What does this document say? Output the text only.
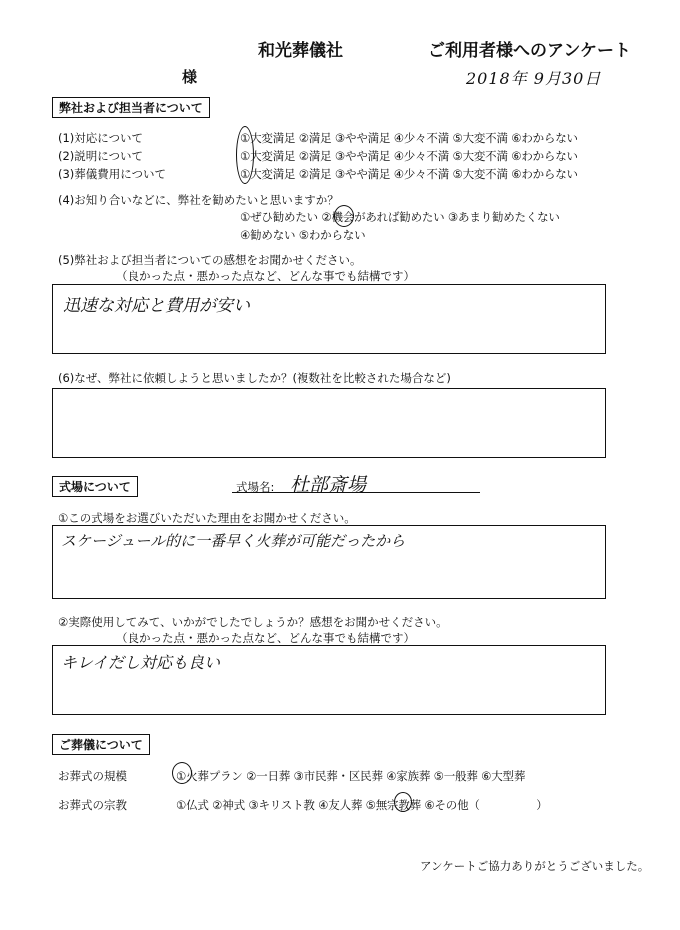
和光葬儀社	ご利用者様へのアンケート
様	2018年 9月30日
弊社および担当者について
(1)対応について	①大変満足 ②満足 ③やや満足 ④少々不満 ⑤大変不満 ⑥わからない
(2)説明について	①大変満足 ②満足 ③やや満足 ④少々不満 ⑤大変不満 ⑥わからない
(3)葬儀費用について	①大変満足 ②満足 ③やや満足 ④少々不満 ⑤大変不満 ⑥わからない
(4)お知り合いなどに、弊社を勧めたいと思いますか？
①ぜひ勧めたい ②機会があれば勧めたい ③あまり勧めたくない
④勧めない ⑤わからない
(5)弊社および担当者についての感想をお聞かせください。
（良かった点・悪かった点など、どんな事でも結構です）
迅速な対応と費用が安い
(6)なぜ、弊社に依頼しようと思いましたか？(複数社を比較された場合など)
式場について	式場名: 杜部斎場
①この式場をお選びいただいた理由をお聞かせください。
スケージュール的に一番早く火葬が可能だったから
②実際使用してみて、いかがでしたでしょうか？感想をお聞かせください。
（良かった点・悪かった点など、どんな事でも結構です）
キレイだし対応も良い
ご葬儀について
お葬式の規模	①火葬プラン ②一日葬 ③市民葬・区民葬 ④家族葬 ⑤一般葬 ⑥大型葬
お葬式の宗教	①仏式 ②神式 ③キリスト教 ④友人葬 ⑤無宗教葬 ⑥その他（　　　　　）
アンケートご協力ありがとうございました。
